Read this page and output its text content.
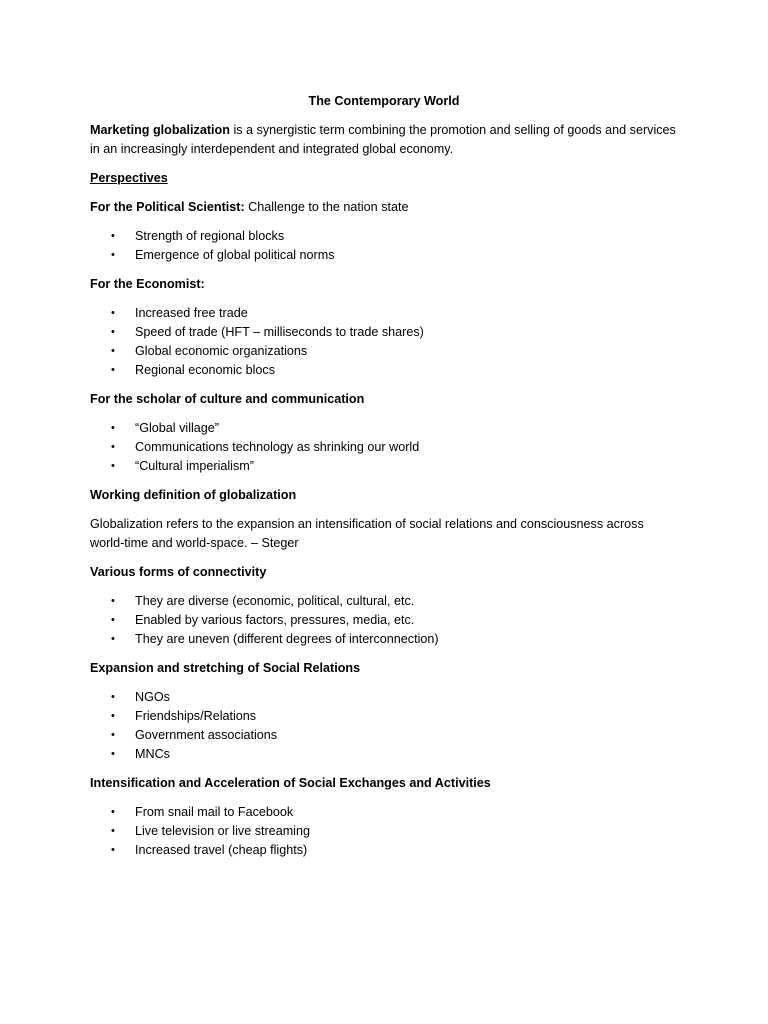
The Contemporary World

Marketing globalization is a synergistic term combining the promotion and selling of goods and services
in an increasingly interdependent and integrated global economy.

Perspectives

For the Political Scientist: Challenge to the nation state

• Strength of regional blocks
• Emergence of global political norms

For the Economist:

• Increased free trade
• Speed of trade (HFT – milliseconds to trade shares)
• Global economic organizations
• Regional economic blocs

For the scholar of culture and communication

• “Global village”
• Communications technology as shrinking our world
• “Cultural imperialism”

Working definition of globalization

Globalization refers to the expansion an intensification of social relations and consciousness across
world-time and world-space. – Steger

Various forms of connectivity

• They are diverse (economic, political, cultural, etc.
• Enabled by various factors, pressures, media, etc.
• They are uneven (different degrees of interconnection)

Expansion and stretching of Social Relations

• NGOs
• Friendships/Relations
• Government associations
• MNCs

Intensification and Acceleration of Social Exchanges and Activities

• From snail mail to Facebook
• Live television or live streaming
• Increased travel (cheap flights)
